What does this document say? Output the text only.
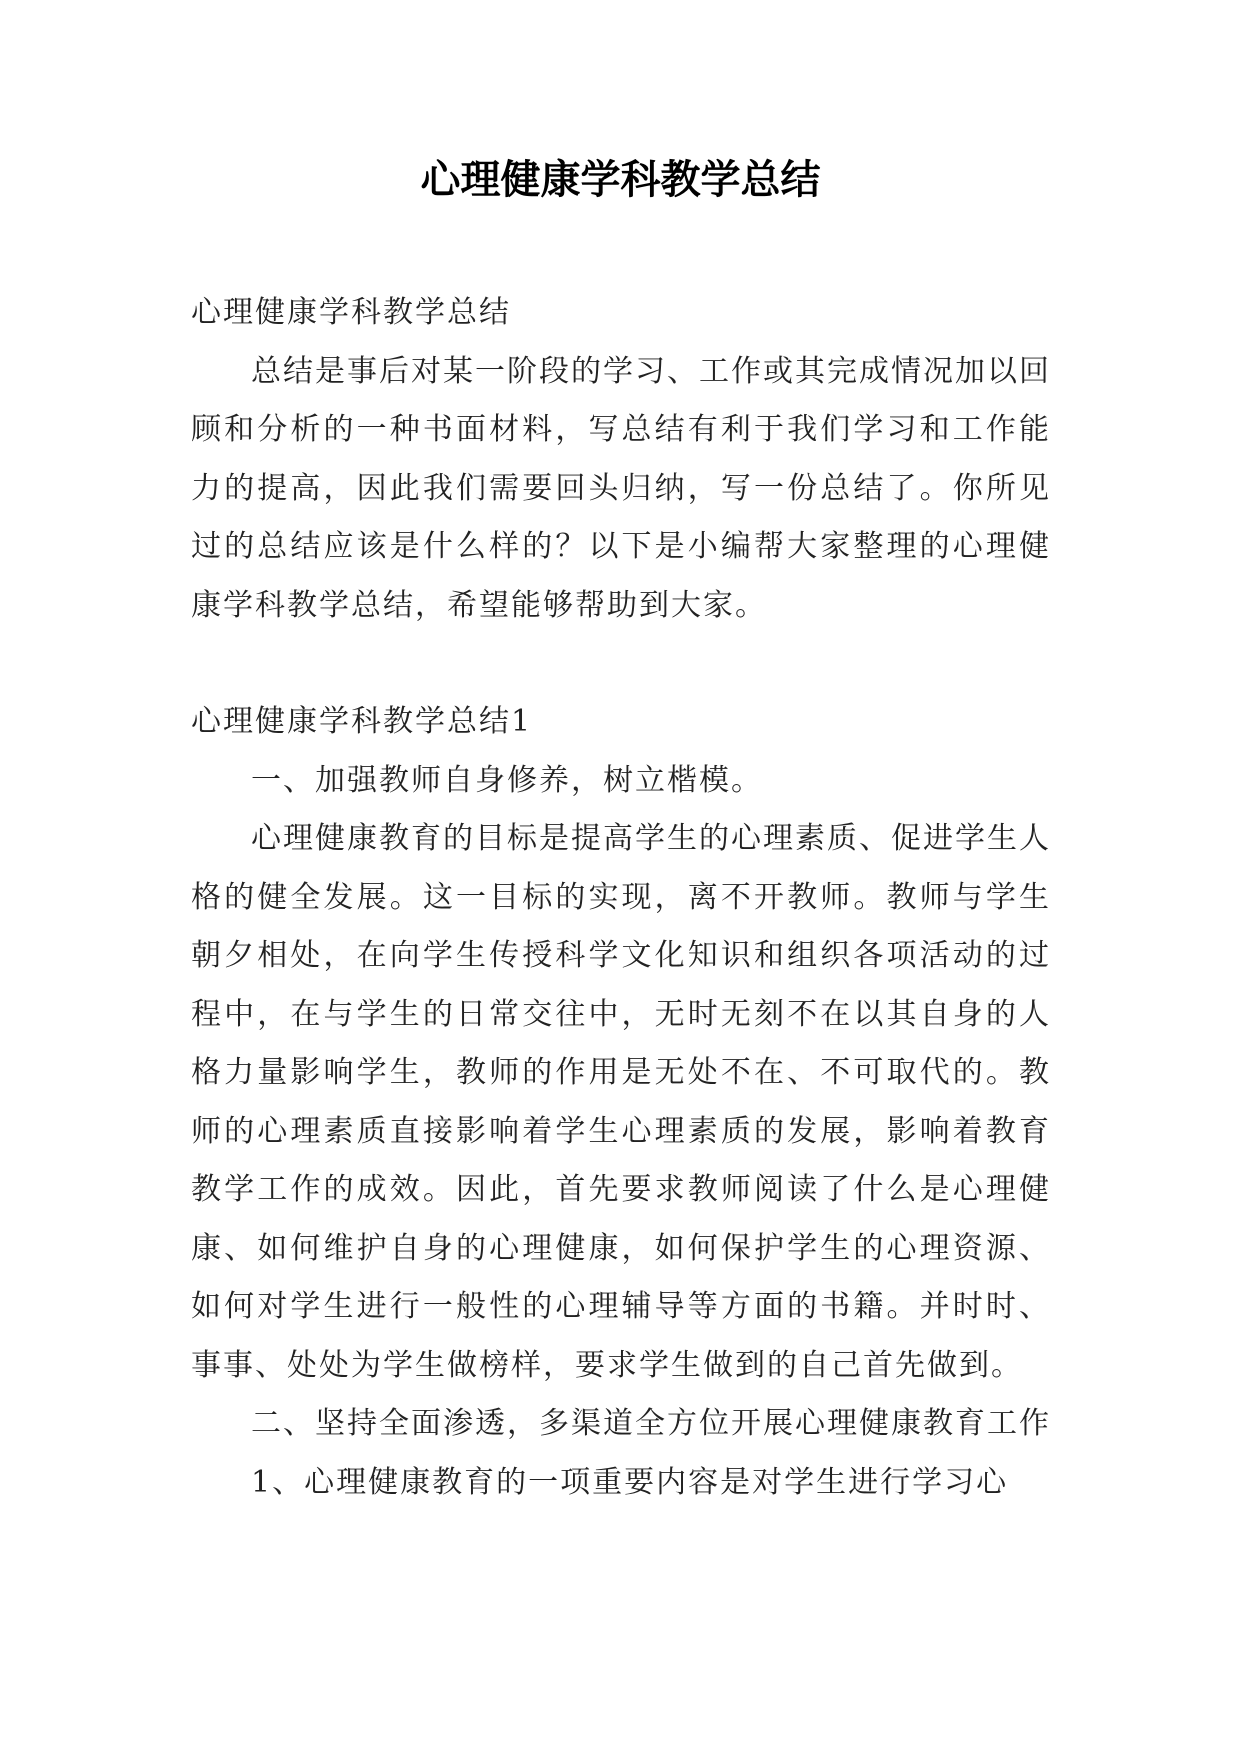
心理健康学科教学总结

心理健康学科教学总结

总结是事后对某一阶段的学习、工作或其完成情况加以回顾和分析的一种书面材料，写总结有利于我们学习和工作能力的提高，因此我们需要回头归纳，写一份总结了。你所见过的总结应该是什么样的？以下是小编帮大家整理的心理健康学科教学总结，希望能够帮助到大家。

心理健康学科教学总结1

一、加强教师自身修养，树立楷模。

心理健康教育的目标是提高学生的心理素质、促进学生人格的健全发展。这一目标的实现，离不开教师。教师与学生朝夕相处，在向学生传授科学文化知识和组织各项活动的过程中，在与学生的日常交往中，无时无刻不在以其自身的人格力量影响学生，教师的作用是无处不在、不可取代的。教师的心理素质直接影响着学生心理素质的发展，影响着教育教学工作的成效。因此，首先要求教师阅读了什么是心理健康、如何维护自身的心理健康，如何保护学生的心理资源、如何对学生进行一般性的心理辅导等方面的书籍。并时时、事事、处处为学生做榜样，要求学生做到的自己首先做到。

二、坚持全面渗透，多渠道全方位开展心理健康教育工作

1、心理健康教育的一项重要内容是对学生进行学习心
